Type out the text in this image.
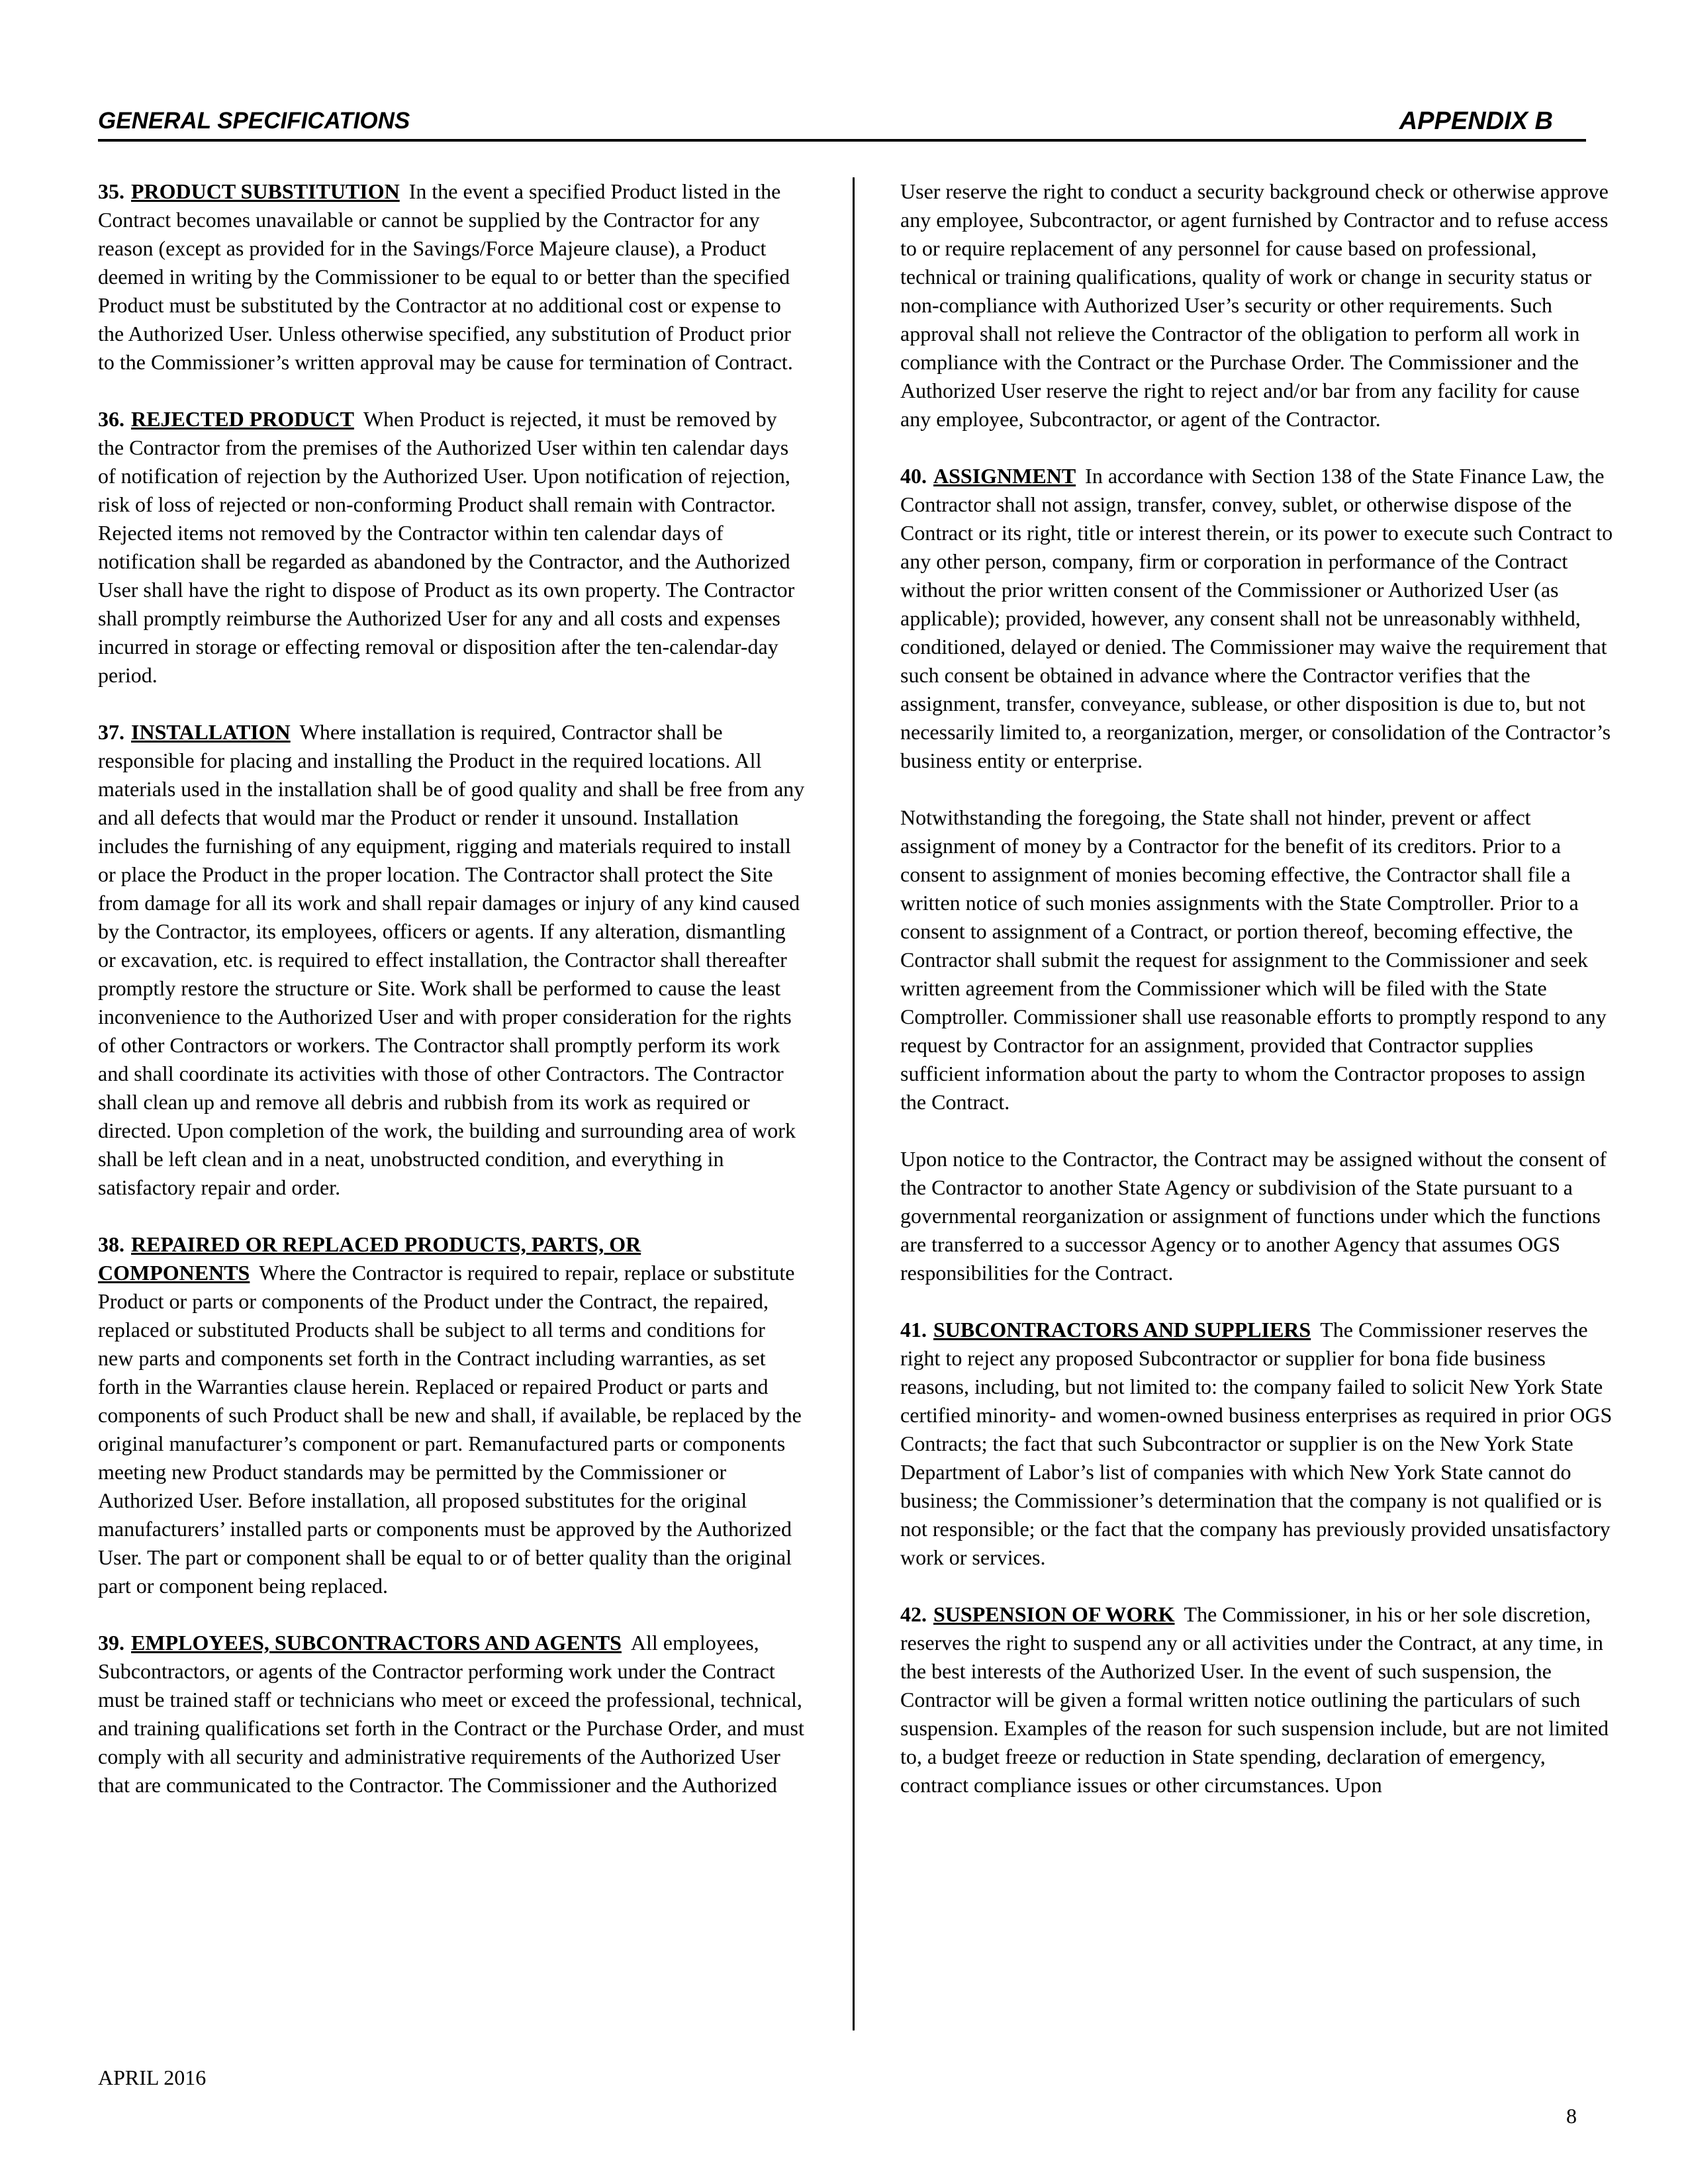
GENERAL SPECIFICATIONS	APPENDIX B

35. PRODUCT SUBSTITUTION In the event a specified Product listed in the Contract becomes unavailable or cannot be supplied by the Contractor for any reason (except as provided for in the Savings/Force Majeure clause), a Product deemed in writing by the Commissioner to be equal to or better than the specified Product must be substituted by the Contractor at no additional cost or expense to the Authorized User. Unless otherwise specified, any substitution of Product prior to the Commissioner’s written approval may be cause for termination of Contract.

36. REJECTED PRODUCT When Product is rejected, it must be removed by the Contractor from the premises of the Authorized User within ten calendar days of notification of rejection by the Authorized User. Upon notification of rejection, risk of loss of rejected or non-conforming Product shall remain with Contractor. Rejected items not removed by the Contractor within ten calendar days of notification shall be regarded as abandoned by the Contractor, and the Authorized User shall have the right to dispose of Product as its own property. The Contractor shall promptly reimburse the Authorized User for any and all costs and expenses incurred in storage or effecting removal or disposition after the ten-calendar-day period.

37. INSTALLATION Where installation is required, Contractor shall be responsible for placing and installing the Product in the required locations. All materials used in the installation shall be of good quality and shall be free from any and all defects that would mar the Product or render it unsound. Installation includes the furnishing of any equipment, rigging and materials required to install or place the Product in the proper location. The Contractor shall protect the Site from damage for all its work and shall repair damages or injury of any kind caused by the Contractor, its employees, officers or agents. If any alteration, dismantling or excavation, etc. is required to effect installation, the Contractor shall thereafter promptly restore the structure or Site. Work shall be performed to cause the least inconvenience to the Authorized User and with proper consideration for the rights of other Contractors or workers. The Contractor shall promptly perform its work and shall coordinate its activities with those of other Contractors. The Contractor shall clean up and remove all debris and rubbish from its work as required or directed. Upon completion of the work, the building and surrounding area of work shall be left clean and in a neat, unobstructed condition, and everything in satisfactory repair and order.

38. REPAIRED OR REPLACED PRODUCTS, PARTS, OR COMPONENTS Where the Contractor is required to repair, replace or substitute Product or parts or components of the Product under the Contract, the repaired, replaced or substituted Products shall be subject to all terms and conditions for new parts and components set forth in the Contract including warranties, as set forth in the Warranties clause herein. Replaced or repaired Product or parts and components of such Product shall be new and shall, if available, be replaced by the original manufacturer’s component or part. Remanufactured parts or components meeting new Product standards may be permitted by the Commissioner or Authorized User. Before installation, all proposed substitutes for the original manufacturers’ installed parts or components must be approved by the Authorized User. The part or component shall be equal to or of better quality than the original part or component being replaced.

39. EMPLOYEES, SUBCONTRACTORS AND AGENTS All employees, Subcontractors, or agents of the Contractor performing work under the Contract must be trained staff or technicians who meet or exceed the professional, technical, and training qualifications set forth in the Contract or the Purchase Order, and must comply with all security and administrative requirements of the Authorized User that are communicated to the Contractor. The Commissioner and the Authorized

User reserve the right to conduct a security background check or otherwise approve any employee, Subcontractor, or agent furnished by Contractor and to refuse access to or require replacement of any personnel for cause based on professional, technical or training qualifications, quality of work or change in security status or non-compliance with Authorized User’s security or other requirements. Such approval shall not relieve the Contractor of the obligation to perform all work in compliance with the Contract or the Purchase Order. The Commissioner and the Authorized User reserve the right to reject and/or bar from any facility for cause any employee, Subcontractor, or agent of the Contractor.

40. ASSIGNMENT In accordance with Section 138 of the State Finance Law, the Contractor shall not assign, transfer, convey, sublet, or otherwise dispose of the Contract or its right, title or interest therein, or its power to execute such Contract to any other person, company, firm or corporation in performance of the Contract without the prior written consent of the Commissioner or Authorized User (as applicable); provided, however, any consent shall not be unreasonably withheld, conditioned, delayed or denied. The Commissioner may waive the requirement that such consent be obtained in advance where the Contractor verifies that the assignment, transfer, conveyance, sublease, or other disposition is due to, but not necessarily limited to, a reorganization, merger, or consolidation of the Contractor’s business entity or enterprise.

Notwithstanding the foregoing, the State shall not hinder, prevent or affect assignment of money by a Contractor for the benefit of its creditors. Prior to a consent to assignment of monies becoming effective, the Contractor shall file a written notice of such monies assignments with the State Comptroller. Prior to a consent to assignment of a Contract, or portion thereof, becoming effective, the Contractor shall submit the request for assignment to the Commissioner and seek written agreement from the Commissioner which will be filed with the State Comptroller. Commissioner shall use reasonable efforts to promptly respond to any request by Contractor for an assignment, provided that Contractor supplies sufficient information about the party to whom the Contractor proposes to assign the Contract.

Upon notice to the Contractor, the Contract may be assigned without the consent of the Contractor to another State Agency or subdivision of the State pursuant to a governmental reorganization or assignment of functions under which the functions are transferred to a successor Agency or to another Agency that assumes OGS responsibilities for the Contract.

41. SUBCONTRACTORS AND SUPPLIERS The Commissioner reserves the right to reject any proposed Subcontractor or supplier for bona fide business reasons, including, but not limited to: the company failed to solicit New York State certified minority- and women-owned business enterprises as required in prior OGS Contracts; the fact that such Subcontractor or supplier is on the New York State Department of Labor’s list of companies with which New York State cannot do business; the Commissioner’s determination that the company is not qualified or is not responsible; or the fact that the company has previously provided unsatisfactory work or services.

42. SUSPENSION OF WORK The Commissioner, in his or her sole discretion, reserves the right to suspend any or all activities under the Contract, at any time, in the best interests of the Authorized User. In the event of such suspension, the Contractor will be given a formal written notice outlining the particulars of such suspension. Examples of the reason for such suspension include, but are not limited to, a budget freeze or reduction in State spending, declaration of emergency, contract compliance issues or other circumstances. Upon

APRIL 2016
8
